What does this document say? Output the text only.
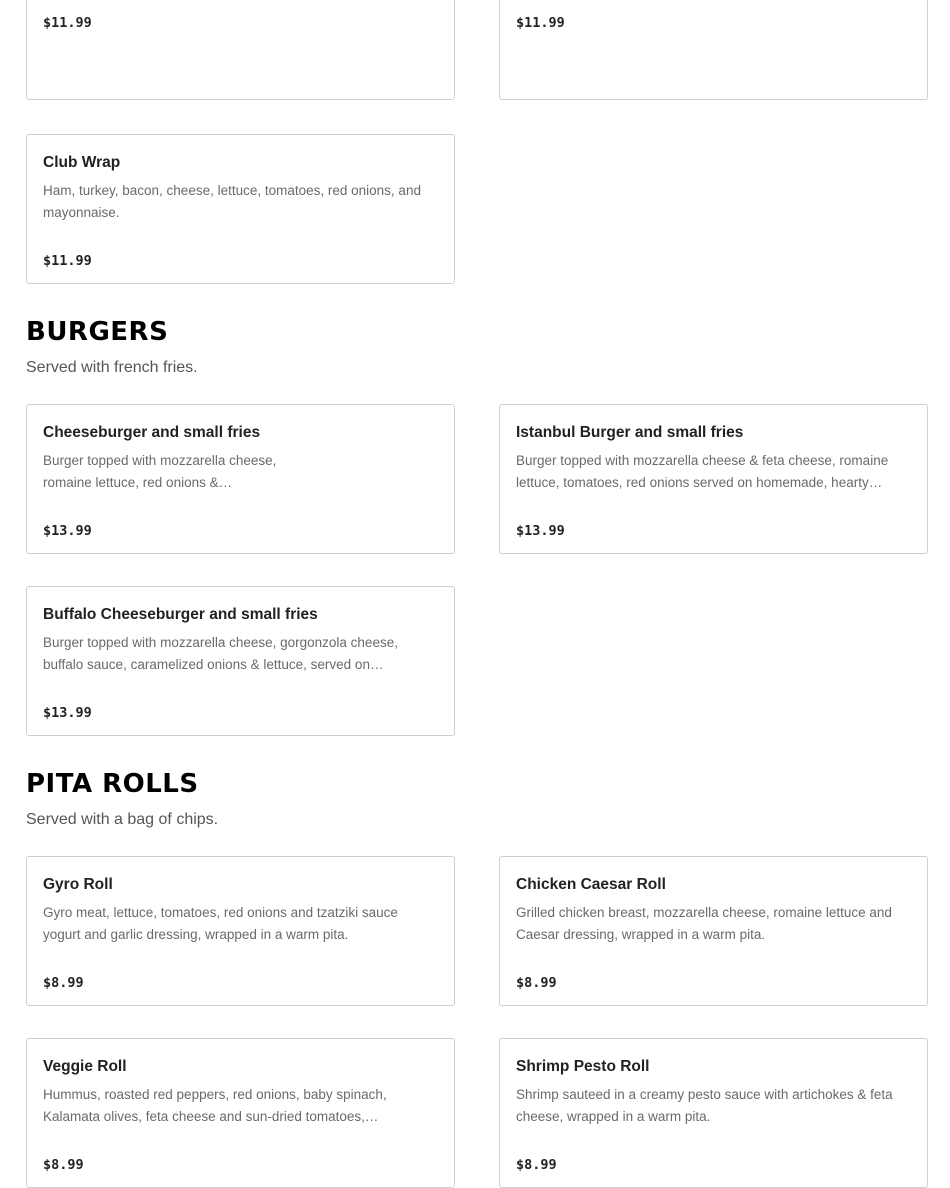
$11.99	$11.99
Club Wrap
Ham, turkey, bacon, cheese, lettuce, tomatoes, red onions, and mayonnaise.
$11.99
BURGERS

Served with french fries.

Cheeseburger and small fries
Burger topped with mozzarella cheese, romaine lettuce, red onions &…
$13.99
Istanbul Burger and small fries
Burger topped with mozzarella cheese & feta cheese, romaine lettuce, tomatoes, red onions served on homemade, hearty…
$13.99
Buffalo Cheeseburger and small fries
Burger topped with mozzarella cheese, gorgonzola cheese, buffalo sauce, caramelized onions & lettuce, served on…
$13.99
PITA ROLLS

Served with a bag of chips.

Gyro Roll
Gyro meat, lettuce, tomatoes, red onions and tzatziki sauce yogurt and garlic dressing, wrapped in a warm pita.
$8.99
Chicken Caesar Roll
Grilled chicken breast, mozzarella cheese, romaine lettuce and Caesar dressing, wrapped in a warm pita.
$8.99
Veggie Roll
Hummus, roasted red peppers, red onions, baby spinach, Kalamata olives, feta cheese and sun-dried tomatoes,…
$8.99
Shrimp Pesto Roll
Shrimp sauteed in a creamy pesto sauce with artichokes & feta cheese, wrapped in a warm pita.
$8.99
